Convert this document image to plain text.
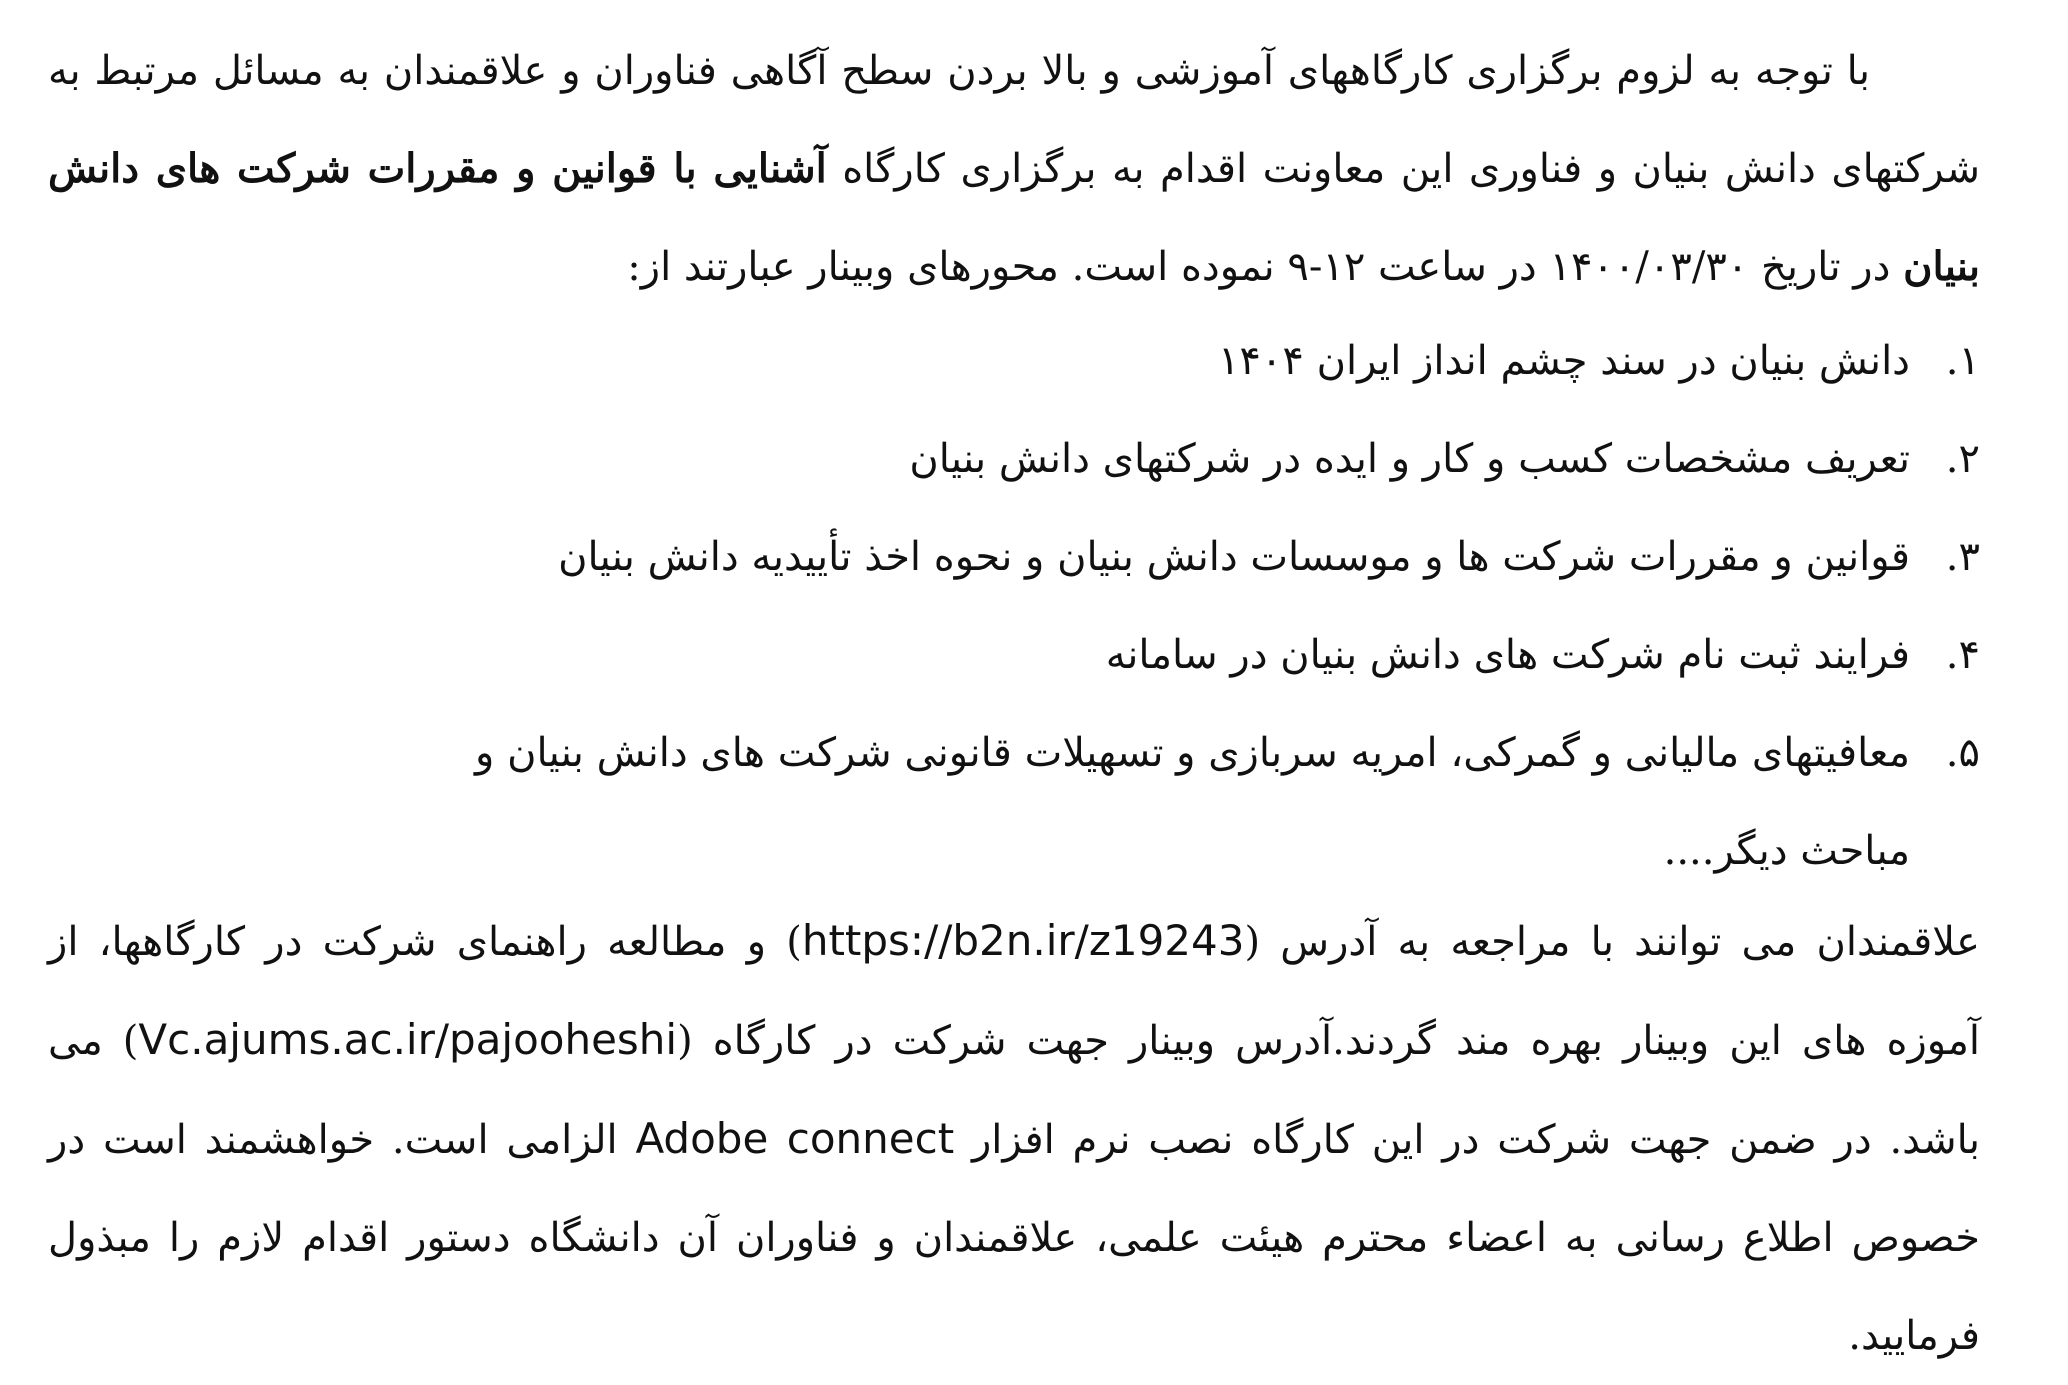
با توجه به لزوم برگزاری کارگاههای آموزشی و بالا بردن سطح آگاهی فناوران و علاقمندان به مسائل مرتبط به شرکتهای دانش بنیان و فناوری این معاونت اقدام به برگزاری کارگاه آشنایی با قوانین و مقررات شرکت های دانش بنیان در تاریخ ۱۴۰۰/۰۳/۳۰ در ساعت ۱۲-۹ نموده است. محورهای وبینار عبارتند از:

۱.
دانش بنیان در سند چشم انداز ایران ۱۴۰۴
۲.
تعریف مشخصات کسب و کار و ایده در شرکتهای دانش بنیان
۳.
قوانین و مقررات شرکت ها و موسسات دانش بنیان و نحوه اخذ تأییدیه دانش بنیان
۴.
فرایند ثبت نام شرکت های دانش بنیان در سامانه
۵.
معافیتهای مالیانی و گمرکی، امریه سربازی و تسهیلات قانونی شرکت های دانش بنیان و مباحث دیگر....

علاقمندان می توانند با مراجعه به آدرس (https://b2n.ir/z19243) و مطالعه راهنمای شرکت در کارگاهها، از آموزه های این وبینار بهره مند گردند.آدرس وبینار جهت شرکت در کارگاه (Vc.ajums.ac.ir/pajooheshi) می باشد. در ضمن جهت شرکت در این کارگاه نصب نرم افزار Adobe connect الزامی است. خواهشمند است در خصوص اطلاع رسانی به اعضاء محترم هیئت علمی، علاقمندان و فناوران آن دانشگاه دستور اقدام لازم را مبذول فرمایید.
